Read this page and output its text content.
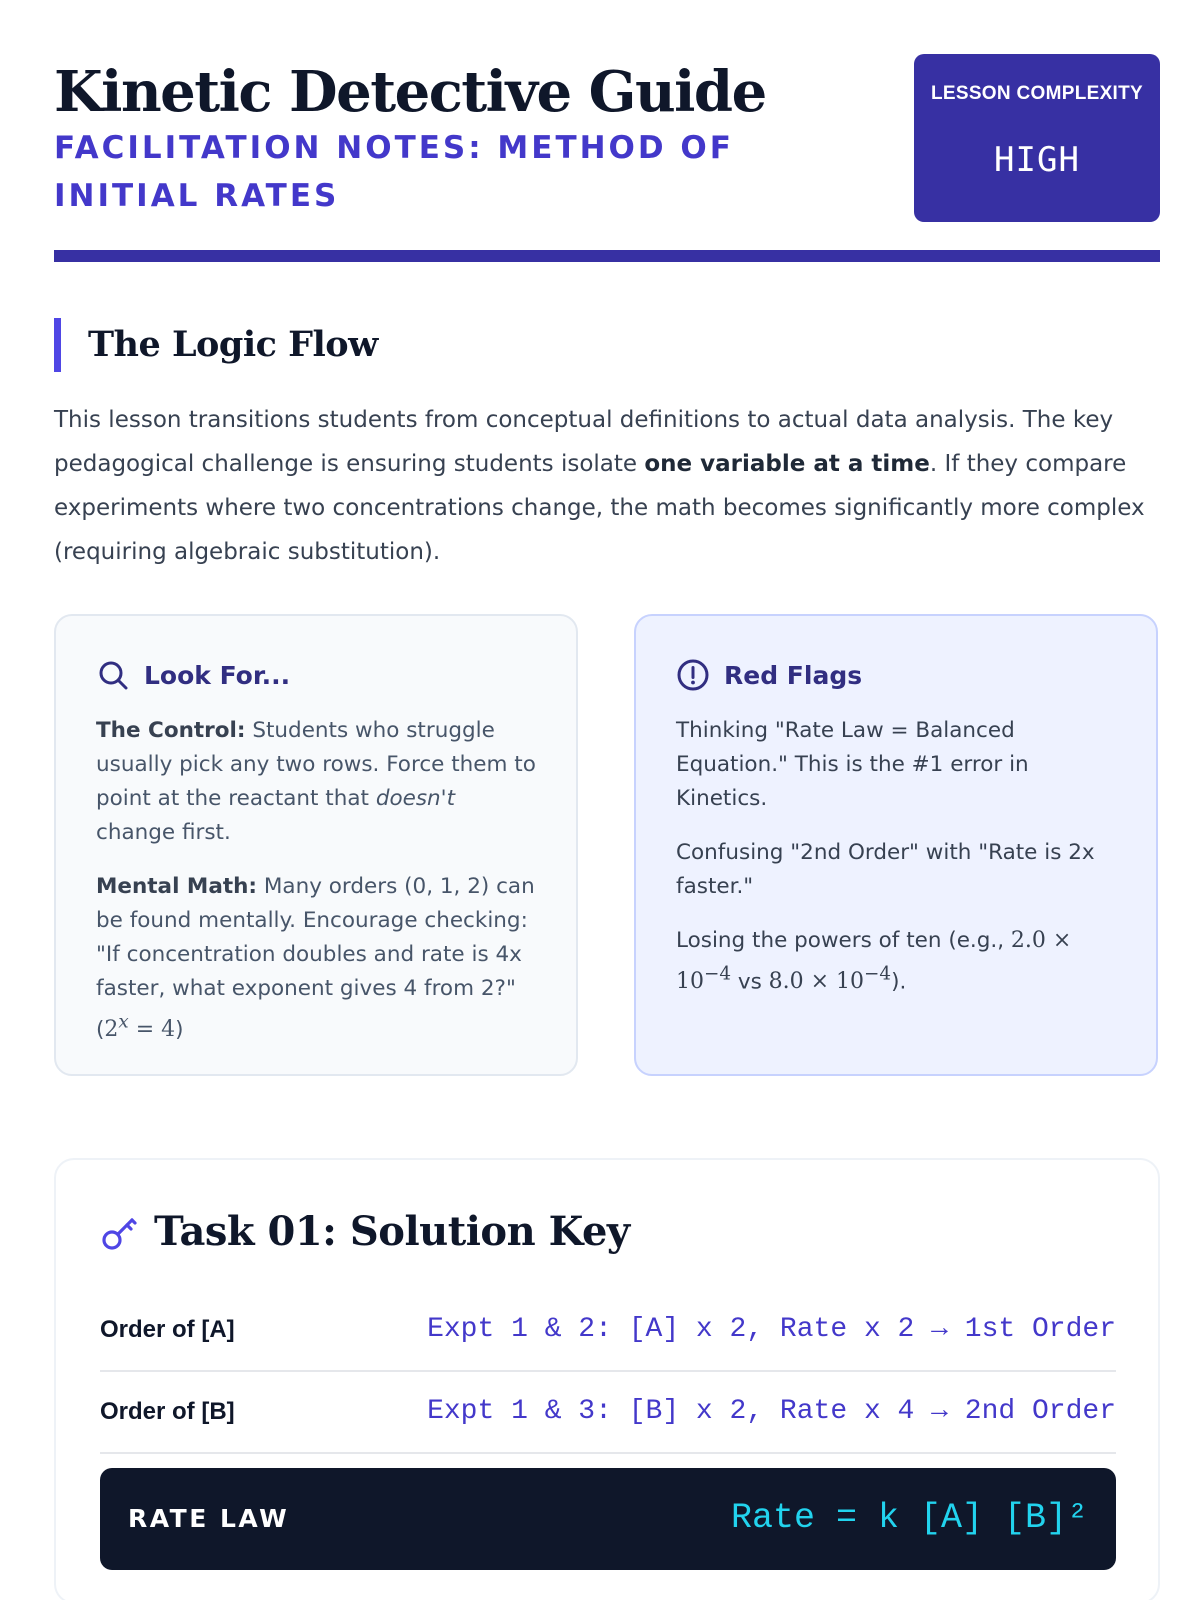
Kinetic Detective Guide
FACILITATION NOTES: METHOD OF INITIAL RATES
LESSON COMPLEXITY
HIGH
The Logic Flow

This lesson transitions students from conceptual definitions to actual data analysis. The key pedagogical challenge is ensuring students isolate one variable at a time. If they compare experiments where two concentrations change, the math becomes significantly more complex (requiring algebraic substitution).

Look For...

The Control: Students who struggle usually pick any two rows. Force them to point at the reactant that doesn't change first.

Mental Math: Many orders (0, 1, 2) can be found mentally. Encourage checking: "If concentration doubles and rate is 4x faster, what exponent gives 4 from 2?" $(2^x = 4)$

Red Flags

Thinking "Rate Law = Balanced Equation." This is the #1 error in Kinetics.

Confusing "2nd Order" with "Rate is 2x faster."

Losing the powers of ten (e.g., $2.0 \times 10^{-4}$ vs $8.0 \times 10^{-4}$).

Task 01: Solution Key
Order of [A]	Expt 1 & 2: [A] x 2, Rate x 2 → 1st Order
Order of [B]	Expt 1 & 3: [B] x 2, Rate x 4 → 2nd Order
RATE LAW	Rate = k [A] [B]²
